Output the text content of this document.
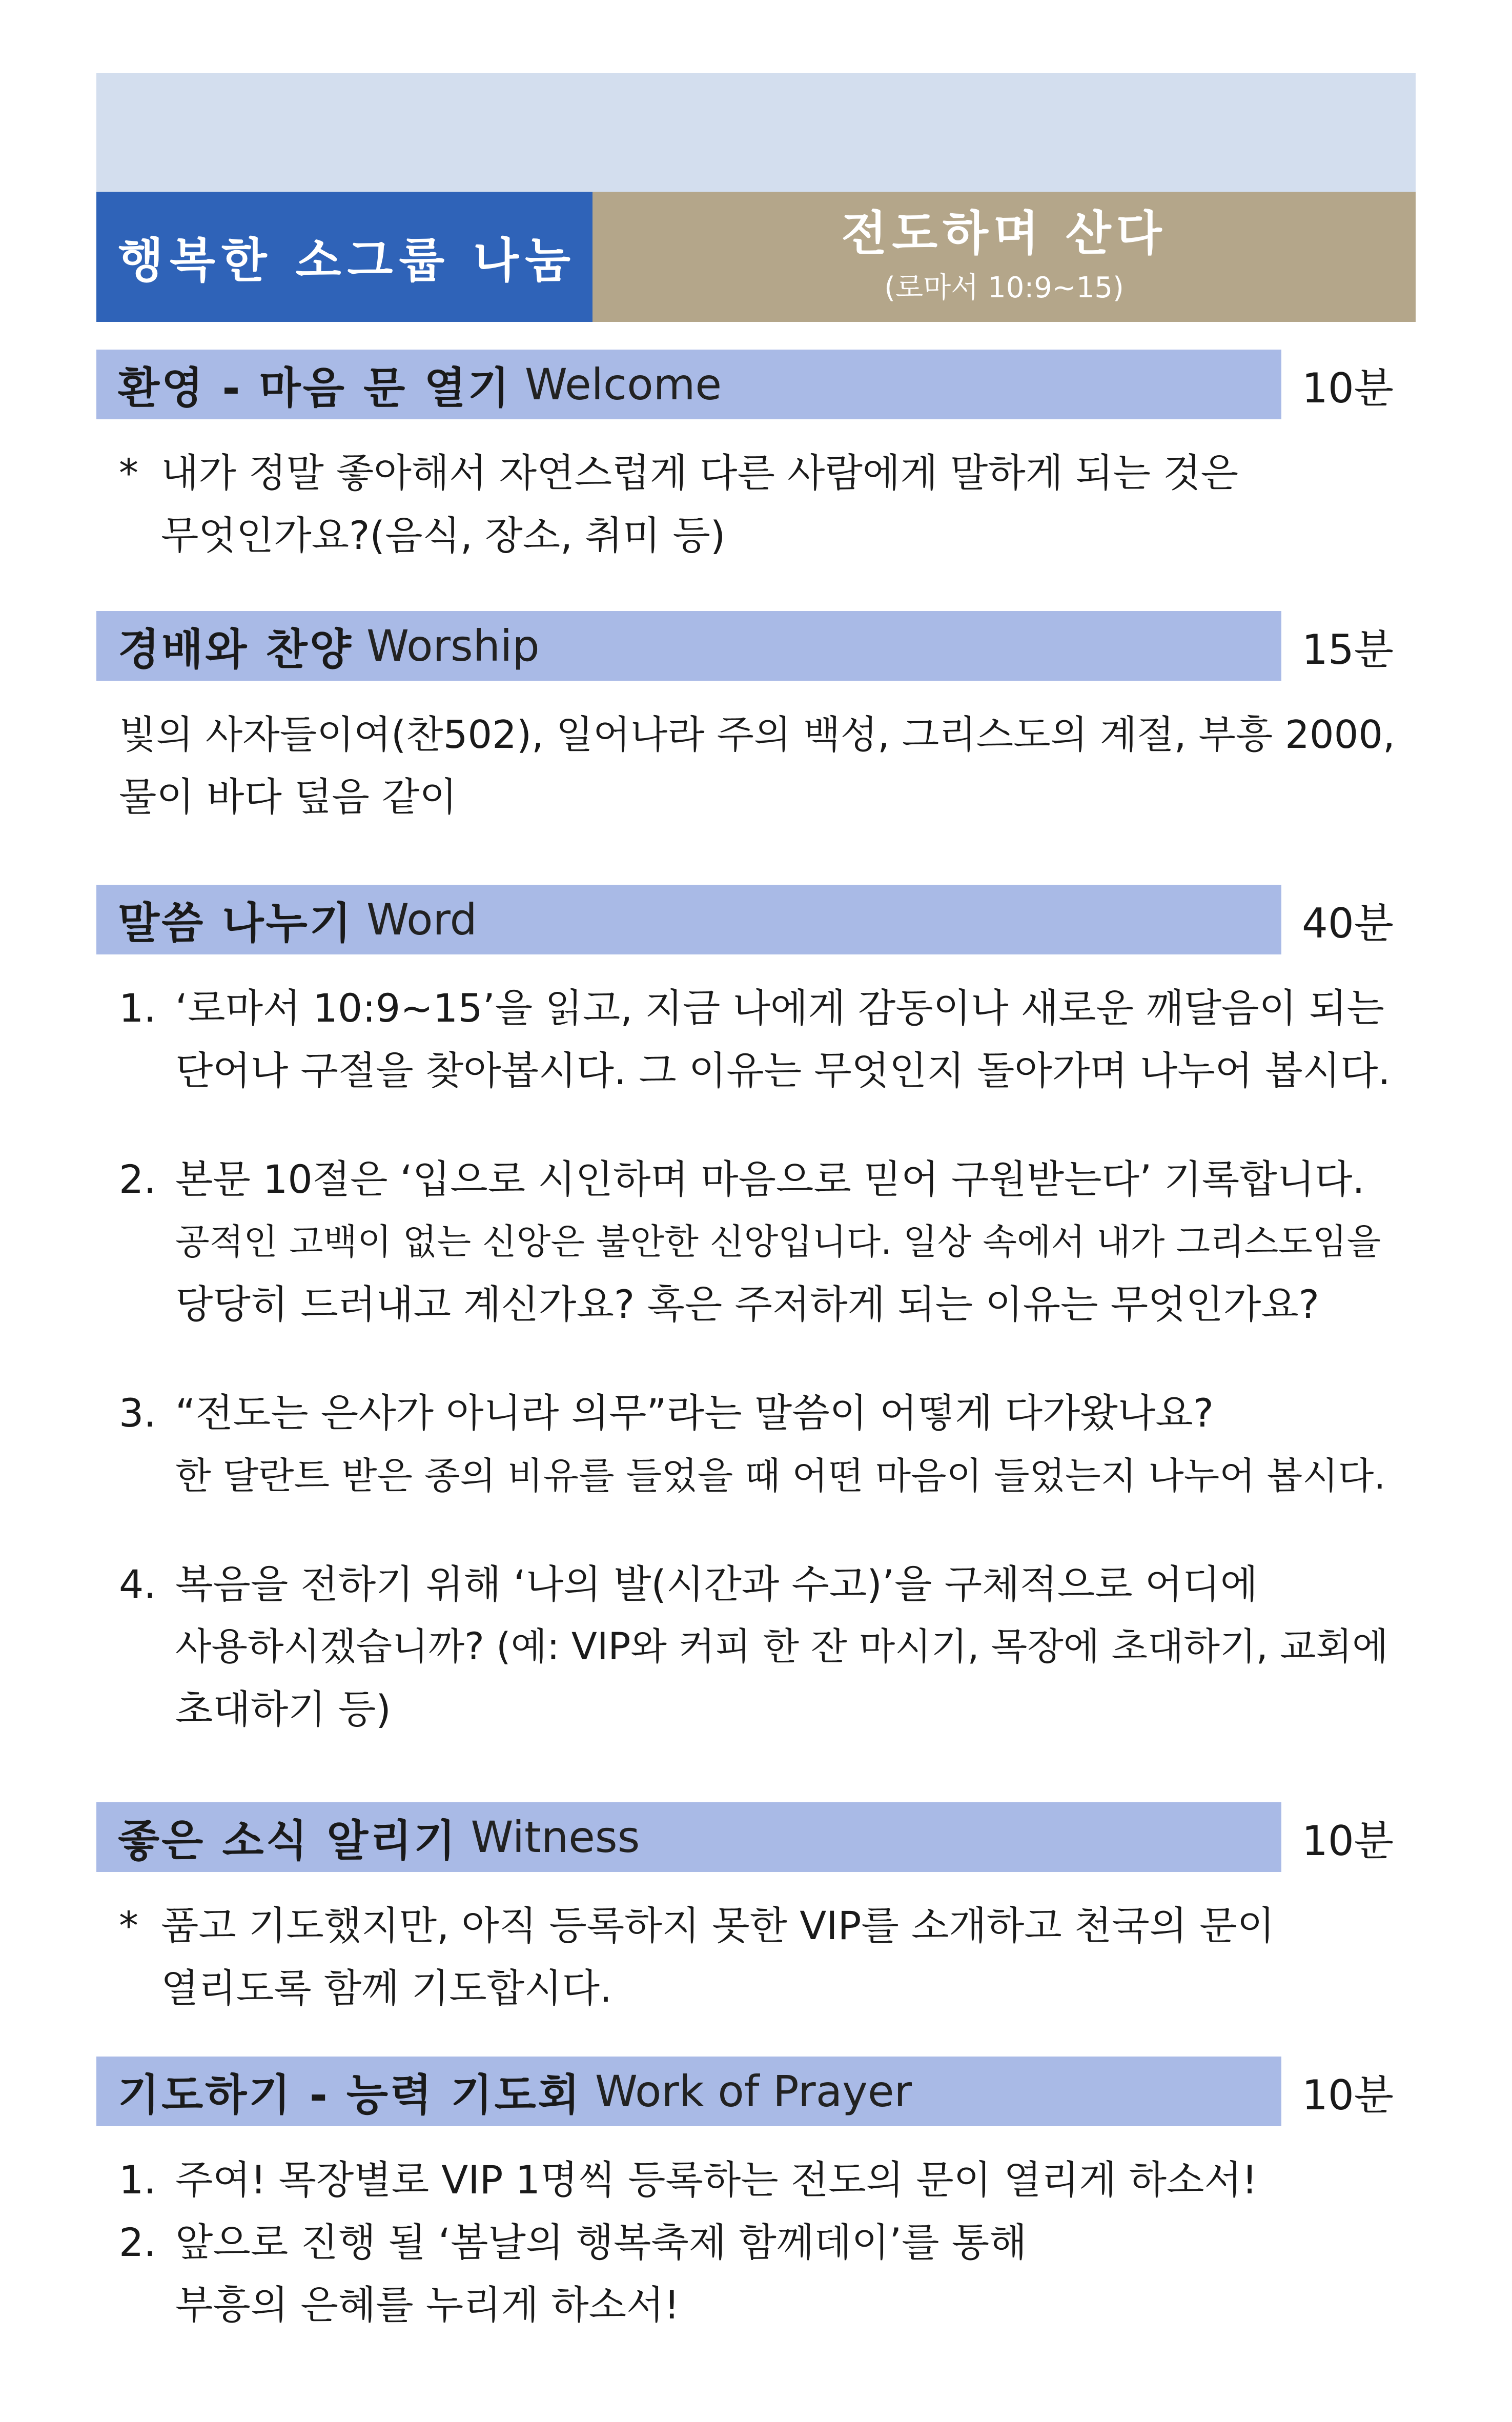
행복한 소그룹 나눔	전도하며 산다
(로마서 10:9~15)
환영 - 마음 문 열기 Welcome	10분
* 내가 정말 좋아해서 자연스럽게 다른 사람에게 말하게 되는 것은
무엇인가요?(음식, 장소, 취미 등)
경배와 찬양 Worship	15분
빛의 사자들이여(찬502), 일어나라 주의 백성, 그리스도의 계절, 부흥 2000,
물이 바다 덮음 같이
말씀 나누기 Word	40분
1. ‘로마서 10:9~15’을 읽고, 지금 나에게 감동이나 새로운 깨달음이 되는
단어나 구절을 찾아봅시다. 그 이유는 무엇인지 돌아가며 나누어 봅시다.
2. 본문 10절은 ‘입으로 시인하며 마음으로 믿어 구원받는다’ 기록합니다.
공적인 고백이 없는 신앙은 불안한 신앙입니다. 일상 속에서 내가 그리스도임을
당당히 드러내고 계신가요? 혹은 주저하게 되는 이유는 무엇인가요?
3. “전도는 은사가 아니라 의무”라는 말씀이 어떻게 다가왔나요?
한 달란트 받은 종의 비유를 들었을 때 어떤 마음이 들었는지 나누어 봅시다.
4. 복음을 전하기 위해 ‘나의 발(시간과 수고)’을 구체적으로 어디에
사용하시겠습니까? (예: VIP와 커피 한 잔 마시기, 목장에 초대하기, 교회에
초대하기 등)
좋은 소식 알리기 Witness	10분
* 품고 기도했지만, 아직 등록하지 못한 VIP를 소개하고 천국의 문이
열리도록 함께 기도합시다.
기도하기 - 능력 기도회 Work of Prayer	10분
1. 주여! 목장별로 VIP 1명씩 등록하는 전도의 문이 열리게 하소서!
2. 앞으로 진행 될 ‘봄날의 행복축제 함께데이’를 통해
부흥의 은혜를 누리게 하소서!
